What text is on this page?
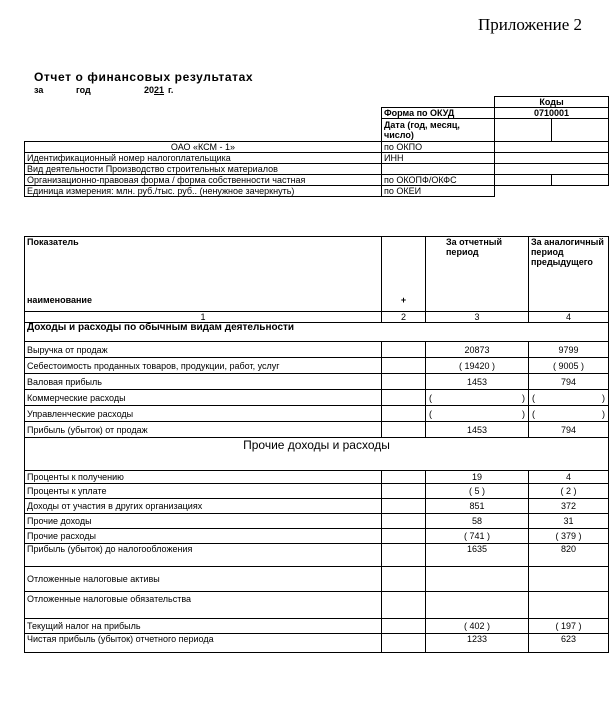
Приложение 2
Отчет о финансовых результатах
за	год	2021 г.
		Коды	
	Форма по ОКУД	0710001	
	Дата (год, месяц, число)		
ОАО «КСМ - 1»	по ОКПО		
Идентификационный номер налогоплательщика	ИНН		
Вид деятельности Производство строительных материалов			
Организационно-правовая форма / форма собственности частная	по ОКОПФ/ОКФС		
Единица измерения: млн. руб./тыс. руб.. (ненужное зачеркнуть)	по ОКЕИ		
Показатель		За отчетный период	За аналогичный период предыдущего
наименование	+		
1	2	3	4
Доходы и расходы по обычным видам деятельности			
Выручка от продаж		20873	9799
Себестоимость проданных товаров, продукции, работ, услуг		( 19420 )	( 9005 )
Валовая прибыль		1453	794
Коммерческие расходы		( )	( )

Управленческие расходы		( )	( )

Прибыль (убыток) от продаж		1453	794
Прочие доходы и расходы			
Проценты к получению		19	4
Проценты к уплате		( 5 )	( 2 )
Доходы от участия в других организациях		851	372
Прочие доходы		58	31
Прочие расходы		( 741 )	( 379 )
Прибыль (убыток) до налогообложения		1635	820
Отложенные налоговые активы			
Отложенные налоговые обязательства			
Текущий налог на прибыль		( 402 )	( 197 )
Чистая прибыль (убыток) отчетного периода		1233	623
